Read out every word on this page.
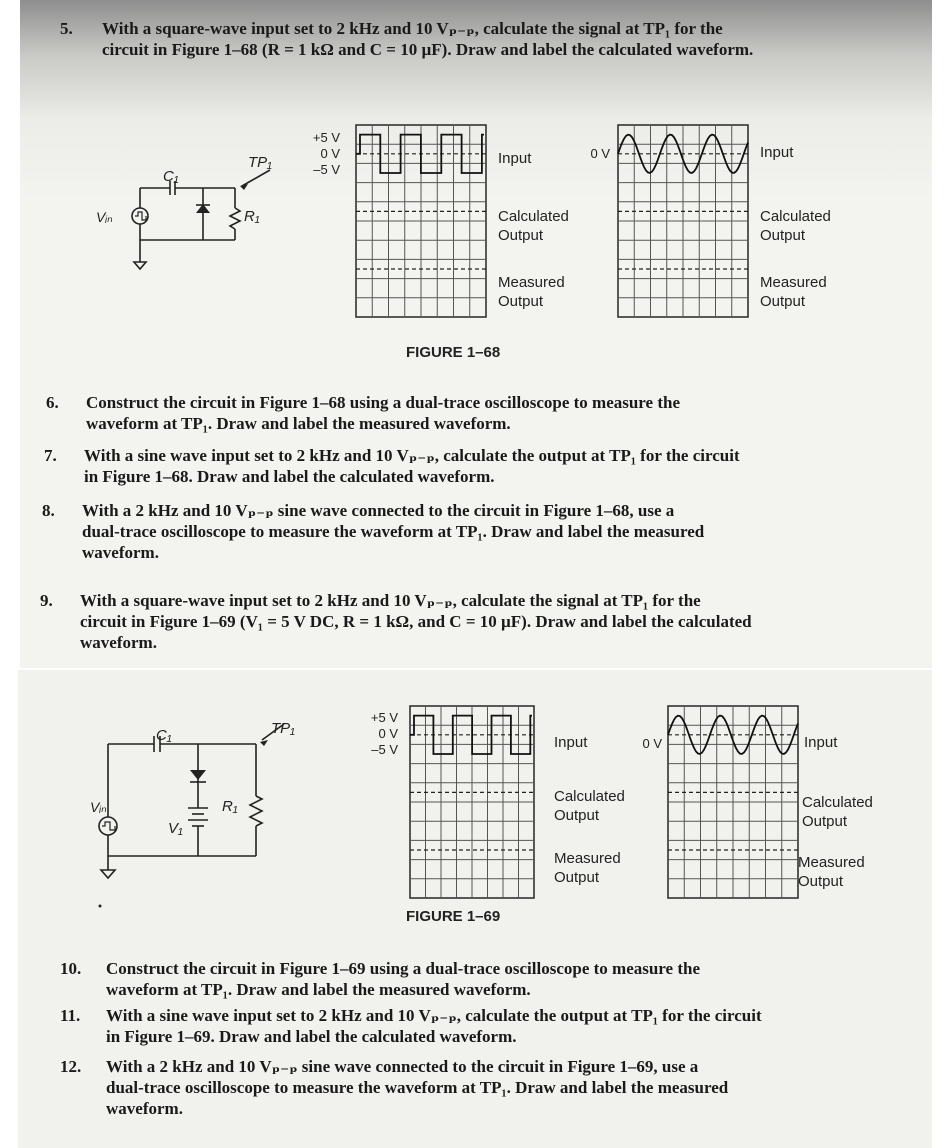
5. With a square-wave input set to 2 kHz and 10 Vₚ₋ₚ, calculate the signal at TP₁ for the
circuit in Figure 1–68 (R = 1 kΩ and C = 10 µF). Draw and label the calculated waveform.
C₁
TP₁
R₁
Vᵢₙ
+5 V
0 V
–5 V
Input
Calculated
Output
Measured
Output
0 V	Input
Calculated
Output
Measured
Output
FIGURE 1–68
6. Construct the circuit in Figure 1–68 using a dual-trace oscilloscope to measure the
waveform at TP₁. Draw and label the measured waveform.
7. With a sine wave input set to 2 kHz and 10 Vₚ₋ₚ, calculate the output at TP₁ for the circuit
in Figure 1–68. Draw and label the calculated waveform.
8. With a 2 kHz and 10 Vₚ₋ₚ sine wave connected to the circuit in Figure 1–68, use a
dual-trace oscilloscope to measure the waveform at TP₁. Draw and label the measured
waveform.
9. With a square-wave input set to 2 kHz and 10 Vₚ₋ₚ, calculate the signal at TP₁ for the
circuit in Figure 1–69 (V₁ = 5 V DC, R = 1 kΩ, and C = 10 µF). Draw and label the calculated
waveform.
C₁	TP₁
R₁
V₁
Vᵢₙ
+5 V
0 V
–5 V	Input
Calculated
Output
Measured
Output
0 V	Input
Calculated
Output
Measured
Output
FIGURE 1–69
10. Construct the circuit in Figure 1–69 using a dual-trace oscilloscope to measure the
waveform at TP₁. Draw and label the measured waveform.
11. With a sine wave input set to 2 kHz and 10 Vₚ₋ₚ, calculate the output at TP₁ for the circuit
in Figure 1–69. Draw and label the calculated waveform.
12. With a 2 kHz and 10 Vₚ₋ₚ sine wave connected to the circuit in Figure 1–69, use a
dual-trace oscilloscope to measure the waveform at TP₁. Draw and label the measured
waveform.
